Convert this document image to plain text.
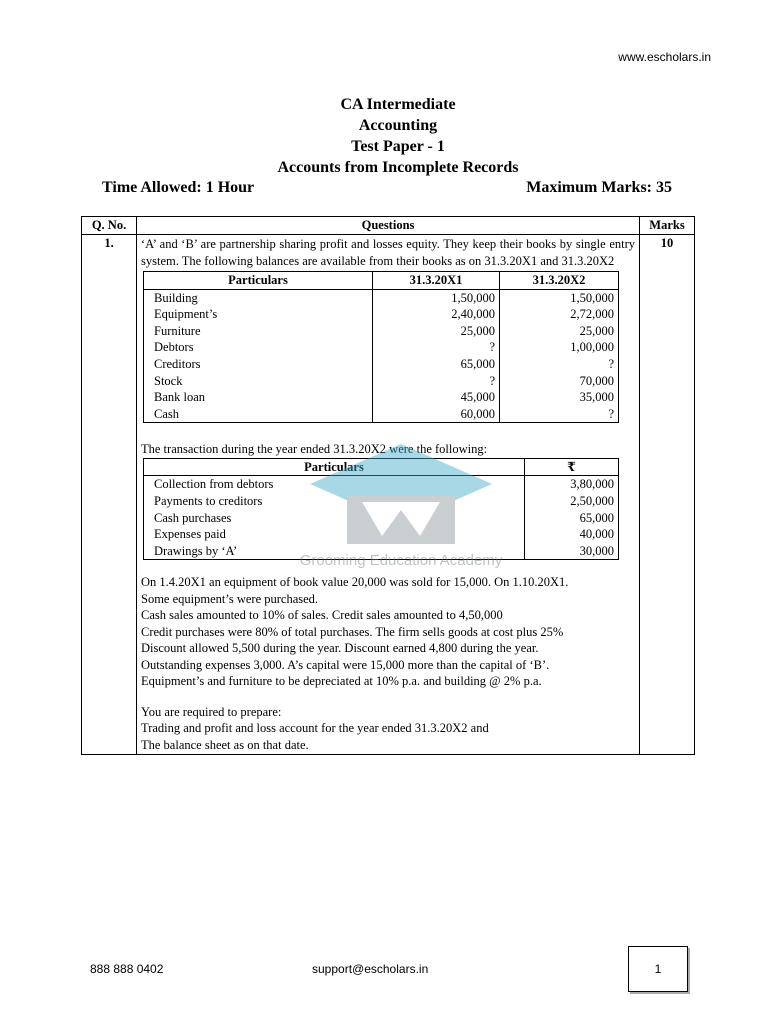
www.escholars.in
CA Intermediate
Accounting
Test Paper - 1
Accounts from Incomplete Records
Time Allowed: 1 Hour	Maximum Marks: 35
Q. No.	Questions	Marks
1.	‘A’ and ‘B’ are partnership sharing profit and losses equity. They keep their books by single entry system. The following balances are available from their books as on 31.3.20X1 and 31.3.20X2
Particulars	31.3.20X1	31.3.20X2
Building	1,50,000	1,50,000
Equipment’s	2,40,000	2,72,000
Furniture	25,000	25,000
Debtors	?	1,00,000
Creditors	65,000	?
Stock	?	70,000
Bank loan	45,000	35,000
Cash	60,000	?
The transaction during the year ended 31.3.20X2 were the following:
Particulars	₹
Collection from debtors	3,80,000
Payments to creditors	2,50,000
Cash purchases	65,000
Expenses paid	40,000
Drawings by ‘A’	30,000

On 1.4.20X1 an equipment of book value 20,000 was sold for 15,000. On 1.10.20X1.

Some equipment’s were purchased.

Cash sales amounted to 10% of sales. Credit sales amounted to 4,50,000

Credit purchases were 80% of total purchases. The firm sells goods at cost plus 25%

Discount allowed 5,500 during the year. Discount earned 4,800 during the year.

Outstanding expenses 3,000. A’s capital were 15,000 more than the capital of ‘B’.

Equipment’s and furniture to be depreciated at 10% p.a. and building @ 2% p.a.

You are required to prepare:

Trading and profit and loss account for the year ended 31.3.20X2 and

The balance sheet as on that date.

	10
Grooming Education Academy
888 888 0402	support@escholars.in	1
